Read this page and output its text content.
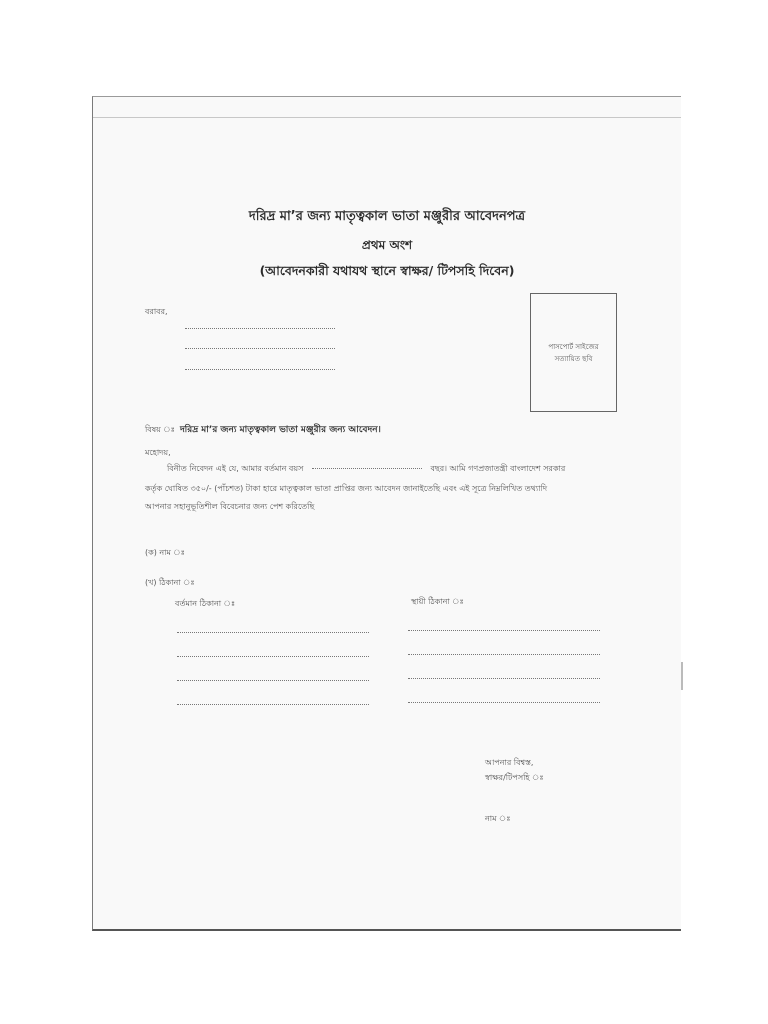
দরিদ্র মা’র জন্য মাতৃত্বকাল ভাতা মঞ্জুরীর আবেদনপত্র
প্রথম অংশ
(আবেদনকারী যথাযথ স্থানে স্বাক্ষর/ টিপসহি দিবেন)
বরাবর,
পাসপোর্ট সাইজের সত্যায়িত ছবি
বিষয় ঃ দরিদ্র মা’র জন্য মাতৃত্বকাল ভাতা মঞ্জুরীর জন্য আবেদন।
মহোদয়,
বিনীত নিবেদন এই যে, আমার বর্তমান বয়স	বছর। আমি গণপ্রজাতন্ত্রী বাংলাদেশ সরকার
কর্তৃক ঘোষিত ৩৫০/- (পাঁচশত) টাকা হারে মাতৃত্বকাল ভাতা প্রাপ্তির জন্য আবেদন জানাইতেছি এবং এই সূত্রে নিম্নলিখিত তথ্যাদি
আপনার সহানুভূতিশীল বিবেচনার জন্য পেশ করিতেছি
(ক) নাম ঃ
(খ) ঠিকানা ঃ
বর্তমান ঠিকানা ঃ	স্থায়ী ঠিকানা ঃ
আপনার বিশ্বস্ত,
স্বাক্ষর/টিপসহি ঃ
নাম ঃ
